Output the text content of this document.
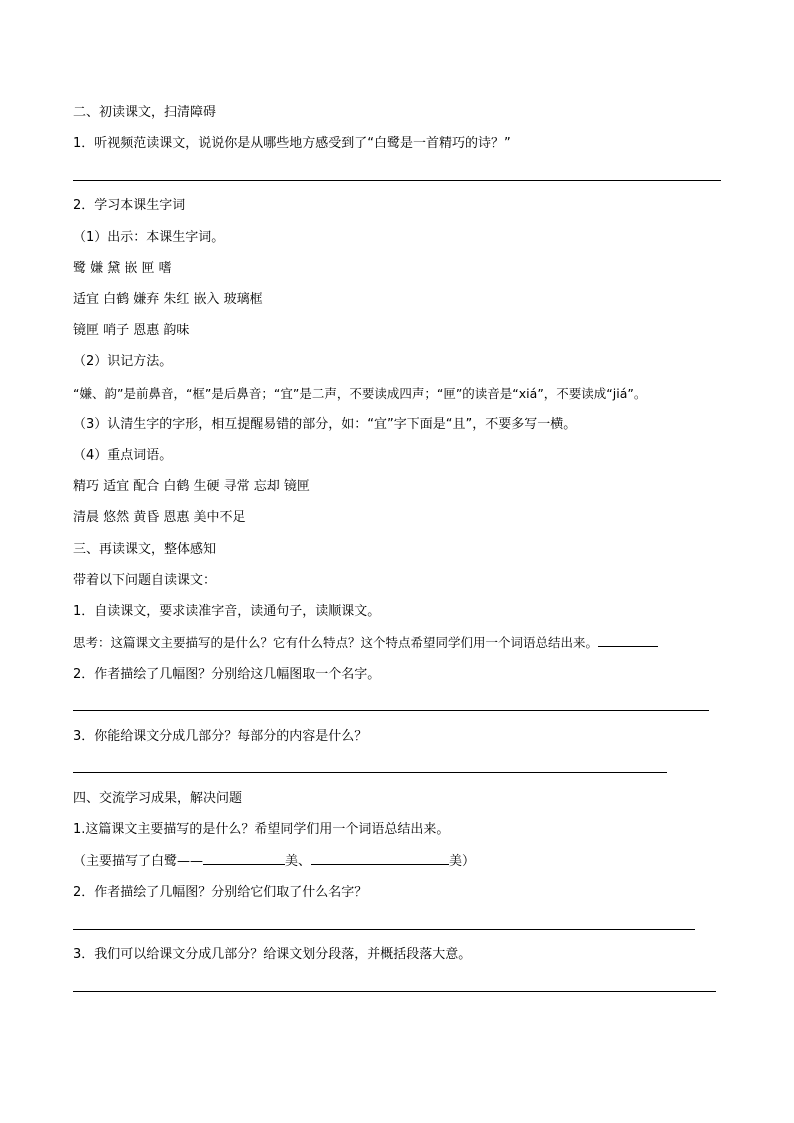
二、初读课文，扫清障碍
1．听视频范读课文，说说你是从哪些地方感受到了“白鹭是一首精巧的诗？”
2．学习本课生字词
（1）出示：本课生字词。
鹭 嫌 黛 嵌 匣 嗜
适宜 白鹤 嫌弃 朱红 嵌入 玻璃框
镜匣 哨子 恩惠 韵味
（2）识记方法。
“嫌、韵”是前鼻音，“框”是后鼻音；“宜”是二声，不要读成四声；“匣”的读音是“xiá”，不要读成“jiá”。
（3）认清生字的字形，相互提醒易错的部分，如：“宜”字下面是“且”，不要多写一横。
（4）重点词语。
精巧 适宜 配合 白鹤 生硬 寻常 忘却 镜匣
清晨 悠然 黄昏 恩惠 美中不足
三、再读课文，整体感知
带着以下问题自读课文：
1．自读课文，要求读准字音，读通句子，读顺课文。
思考：这篇课文主要描写的是什么？它有什么特点？这个特点希望同学们用一个词语总结出来。
2．作者描绘了几幅图？分别给这几幅图取一个名字。
3．你能给课文分成几部分？每部分的内容是什么？
四、交流学习成果，解决问题
1.这篇课文主要描写的是什么？希望同学们用一个词语总结出来。
（主要描写了白鹭——	美、	美）
2．作者描绘了几幅图？分别给它们取了什么名字？
3．我们可以给课文分成几部分？给课文划分段落，并概括段落大意。
